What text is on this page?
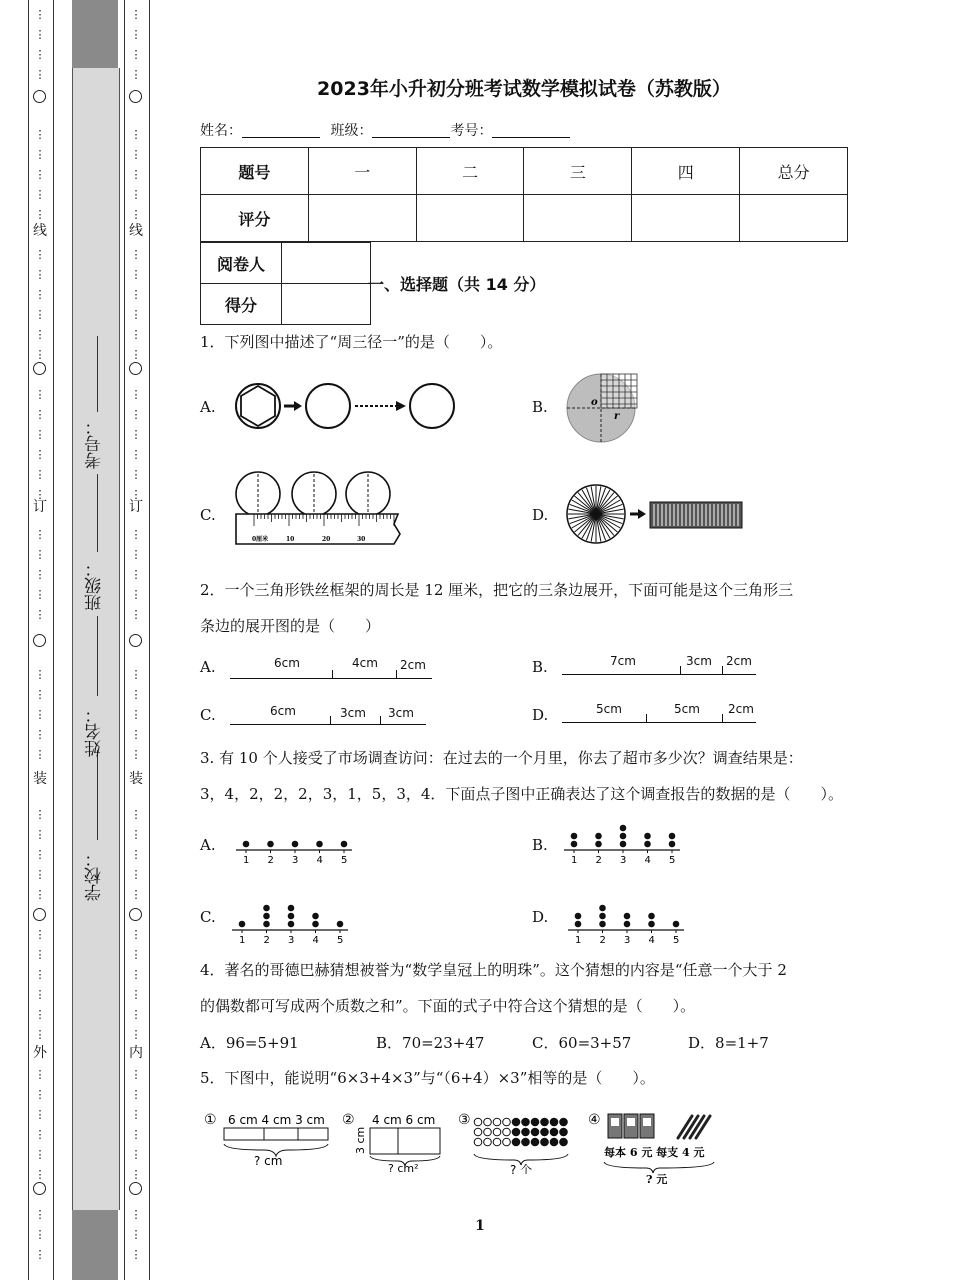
⋮
⋮
⋮
⋮
⋮
⋮
⋮
⋮
⋮
⋮
⋮
⋮
⋮
⋮
⋮
⋮
⋮
⋮
⋮
⋮
⋮
⋮
⋮
⋮
⋮
⋮
⋮
⋮
⋮
⋮
⋮
⋮
⋮
⋮
⋮
⋮
⋮
⋮
⋮
⋮
⋮
⋮
⋮
⋮
⋮
⋮
⋮
⋮
⋮
⋮
⋮
⋮
⋮
⋮
⋮
⋮
⋮
⋮
⋮
⋮
⋮
⋮
⋮
⋮
⋮
⋮
⋮
⋮
⋮
⋮
⋮
⋮
⋮
⋮
⋮
⋮
⋮
⋮
⋮
⋮
⋮
⋮
⋮
⋮
⋮
⋮
⋮
⋮
⋮
⋮
⋮
⋮
⋮
⋮
⋮
⋮
⋮
⋮
⋮
⋮
⋮
⋮
线
订
装
外
线
订
装
内
学校：
姓名：
班级：
考号：
2023年小升初分班考试数学模拟试卷（苏教版）
姓名：	班级：	考号：
题号	一	二	三	四	总分
评分					
阅卷人	
得分	
一、选择题（共 14 分）
1．下列图中描述了“周三径一”的是（　　）。
A.	B.	o
r
C.
0厘米	10	20	30
D.
2．一个三角形铁丝框架的周长是 12 厘米，把它的三条边展开，下面可能是这个三角形三
条边的展开图的是（　　）
A.	6cm	4cm 2cm	B.	7cm	3cm 2cm
C.	6cm	3cm 3cm	D.	5cm	5cm 2cm
3. 有 10 个人接受了市场调查访问：在过去的一个月里，你去了超市多少次？调查结果是：
3，4，2，2，2，3，1，5，3，4．下面点子图中正确表达了这个调查报告的数据的是（　　）。
A.	B.
C.	D.
1 2 3 4 5	1 2 3 4 5
1 2 3 4 5	1 2 3 4 5
4．著名的哥德巴赫猜想被誉为“数学皇冠上的明珠”。这个猜想的内容是“任意一个大于 2
的偶数都可写成两个质数之和”。下面的式子中符合这个猜想的是（　　）。
A．96=5+91	B．70=23+47	C．60=3+57	D．8=1+7
5．下图中，能说明“6×3+4×3”与“（6+4）×3”相等的是（　　）。
① 6 cm 4 cm 3 cm
? cm
② 4 cm 6 cm
3 cm
? cm²
③
? 个
④
每本 6 元 每支 4 元
? 元
1
